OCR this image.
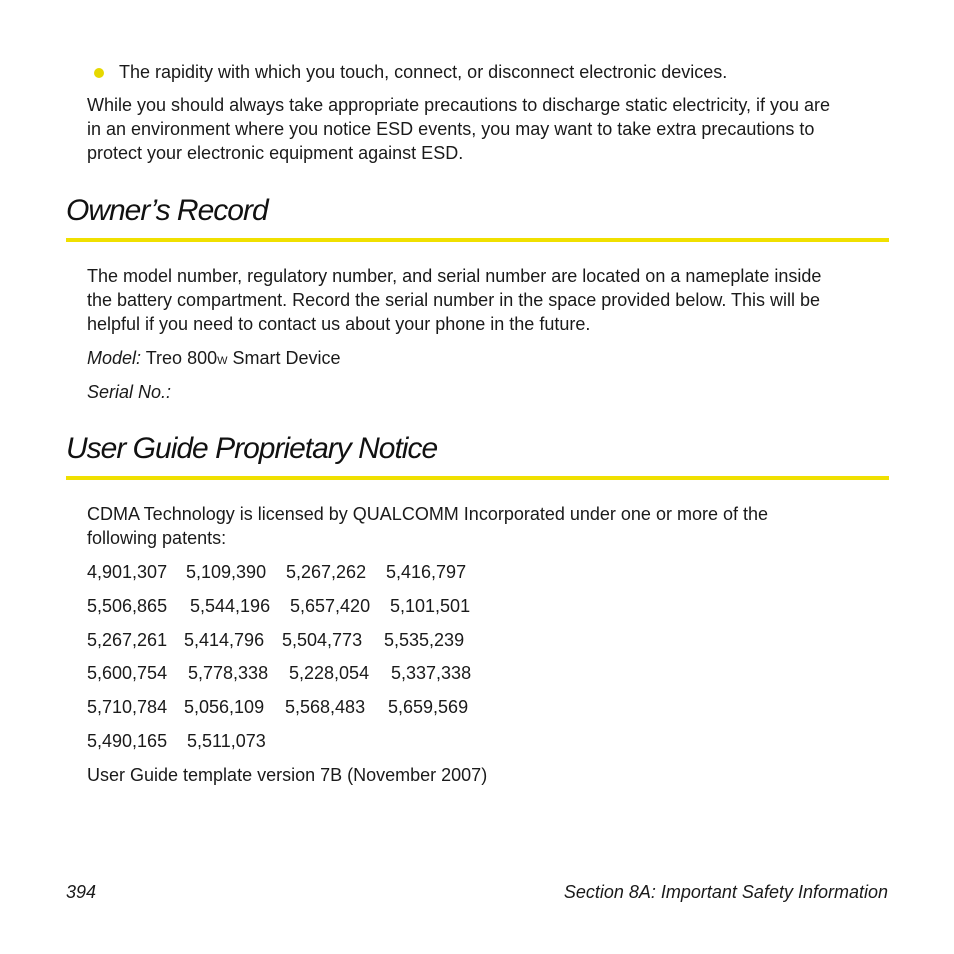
The rapidity with which you touch, connect, or disconnect electronic devices.
While you should always take appropriate precautions to discharge static electricity, if you are
in an environment where you notice ESD events, you may want to take extra precautions to
protect your electronic equipment against ESD.
Owner’s Record
The model number, regulatory number, and serial number are located on a nameplate inside
the battery compartment. Record the serial number in the space provided below. This will be
helpful if you need to contact us about your phone in the future.
Model: Treo 800W Smart Device
Serial No.:
User Guide Proprietary Notice
CDMA Technology is licensed by QUALCOMM Incorporated under one or more of the
following patents:
4,901,307 5,109,390 5,267,262 5,416,797
5,506,865 5,544,196 5,657,420 5,101,501
5,267,261 5,414,796 5,504,773 5,535,239
5,600,754 5,778,338 5,228,054 5,337,338
5,710,784 5,056,109 5,568,483 5,659,569
5,490,165 5,511,073
User Guide template version 7B (November 2007)
394	Section 8A: Important Safety Information
